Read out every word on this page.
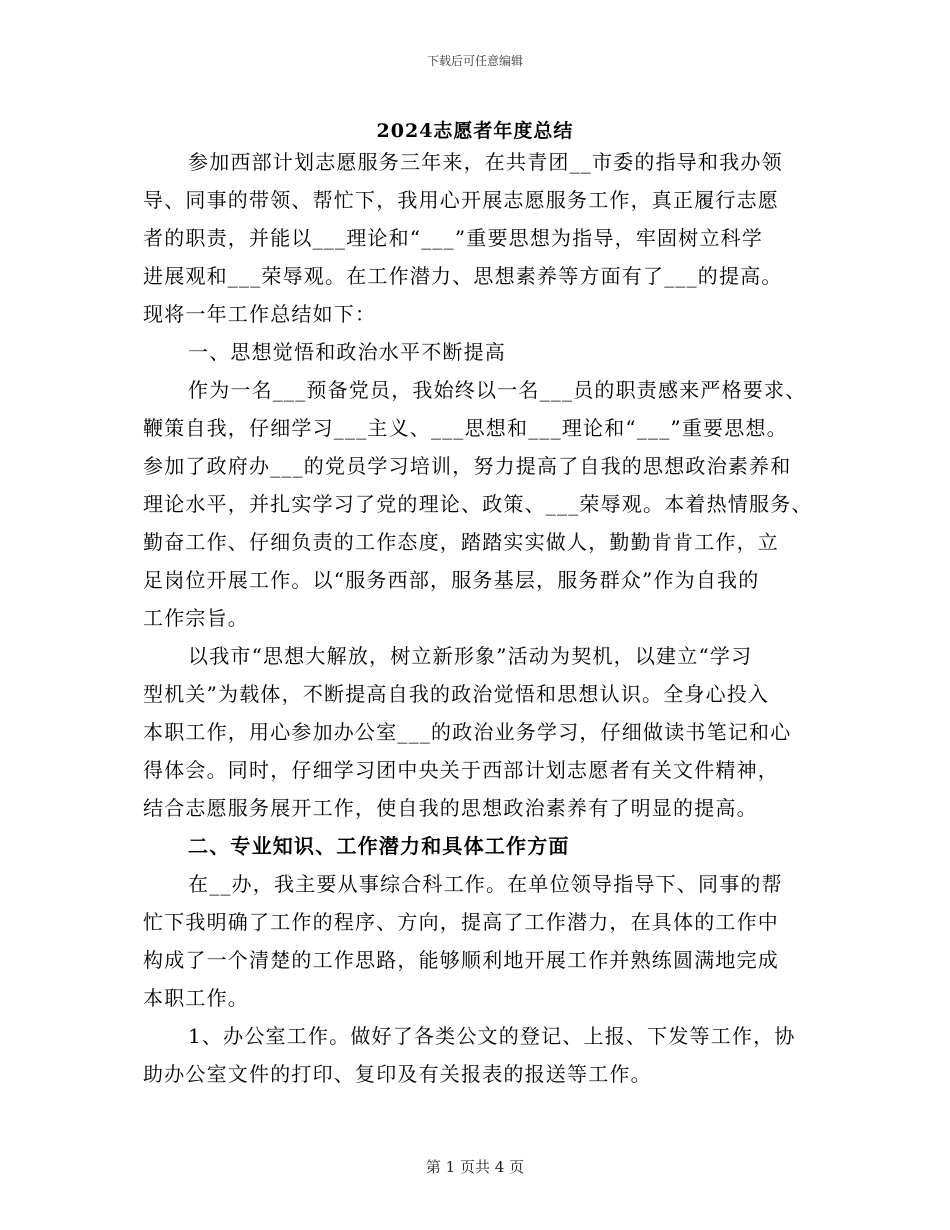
下载后可任意编辑
2024志愿者年度总结
参加西部计划志愿服务三年来，在共青团__市委的指导和我办领
导、同事的带领、帮忙下，我用心开展志愿服务工作，真正履行志愿
者的职责，并能以___理论和“___”重要思想为指导，牢固树立科学
进展观和___荣辱观。在工作潜力、思想素养等方面有了___的提高。
现将一年工作总结如下：
一、思想觉悟和政治水平不断提高
作为一名___预备党员，我始终以一名___员的职责感来严格要求、
鞭策自我，仔细学习___主义、___思想和___理论和“___”重要思想。
参加了政府办___的党员学习培训，努力提高了自我的思想政治素养和
理论水平，并扎实学习了党的理论、政策、___荣辱观。本着热情服务、
勤奋工作、仔细负责的工作态度，踏踏实实做人，勤勤肯肯工作，立
足岗位开展工作。以“服务西部，服务基层，服务群众”作为自我的
工作宗旨。
以我市“思想大解放，树立新形象”活动为契机，以建立“学习
型机关”为载体，不断提高自我的政治觉悟和思想认识。全身心投入
本职工作，用心参加办公室___的政治业务学习，仔细做读书笔记和心
得体会。同时，仔细学习团中央关于西部计划志愿者有关文件精神，
结合志愿服务展开工作，使自我的思想政治素养有了明显的提高。
二、专业知识、工作潜力和具体工作方面
在__办，我主要从事综合科工作。在单位领导指导下、同事的帮
忙下我明确了工作的程序、方向，提高了工作潜力，在具体的工作中
构成了一个清楚的工作思路，能够顺利地开展工作并熟练圆满地完成
本职工作。
1、办公室工作。做好了各类公文的登记、上报、下发等工作，协
助办公室文件的打印、复印及有关报表的报送等工作。
第 1 页共 4 页
